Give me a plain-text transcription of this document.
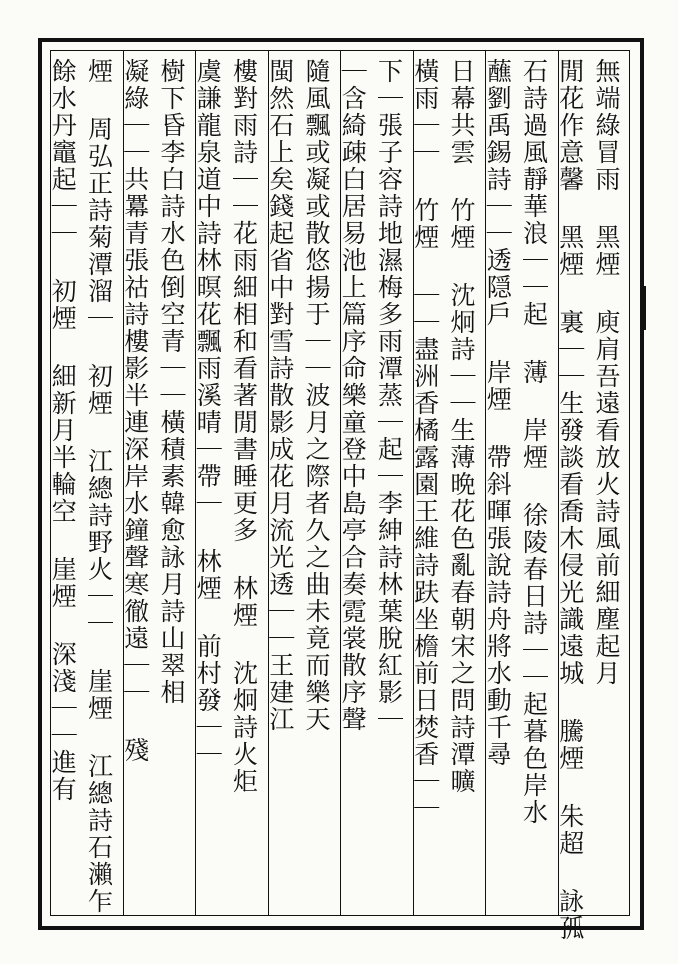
無端綠冒雨 黑煙 庾肩吾遠看放火詩風前細塵起月
閒花作意馨 黑煙 裏｜｜生發談看喬木侵光識遠城 騰煙 朱超 詠孤
石詩過風靜華浪｜｜起 薄 岸煙 徐陵春日詩｜｜起暮色岸水
蘸劉禹錫詩｜｜透隠戶 岸煙 帶斜暉張說詩舟將水動千尋
日幕共雲 竹煙 沈炯詩｜｜生薄晩花色亂春朝宋之問詩潭曠
橫雨｜｜ 竹煙 ｜｜盡洲香橘露園王維詩趺坐檐前日焚香｜｜
下｜張子容詩地濕梅多雨潭蒸｜起｜李紳詩林葉脫紅影｜
｜含綺疎白居易池上篇序命樂童登中島亭合奏霓裳散序聲
隨風飄或凝或散悠揚于｜｜波月之際者久之曲未竟而樂天
閩然石上矣錢起省中對雪詩散影成花月流光透｜｜王建江
樓對雨詩｜｜花雨細相和看著閒書睡更多 林煙 沈炯詩火炬
虞謙龍泉道中詩林暝花飄雨溪晴｜帶｜ 林煙 前村發｜｜
樹下昏李白詩水色倒空青｜｜橫積素韓愈詠月詩山翠相
凝綠｜｜共羃青張祜詩樓影半連深岸水鐘聲寒徹遠｜｜ 殘
煙 周弘正詩菊潭溜｜ 初煙 江總詩野火｜｜ 崖煙 江總詩石瀨乍
餘水丹竈起｜｜ 初煙 細新月半輪空 崖煙 深淺｜｜進有
